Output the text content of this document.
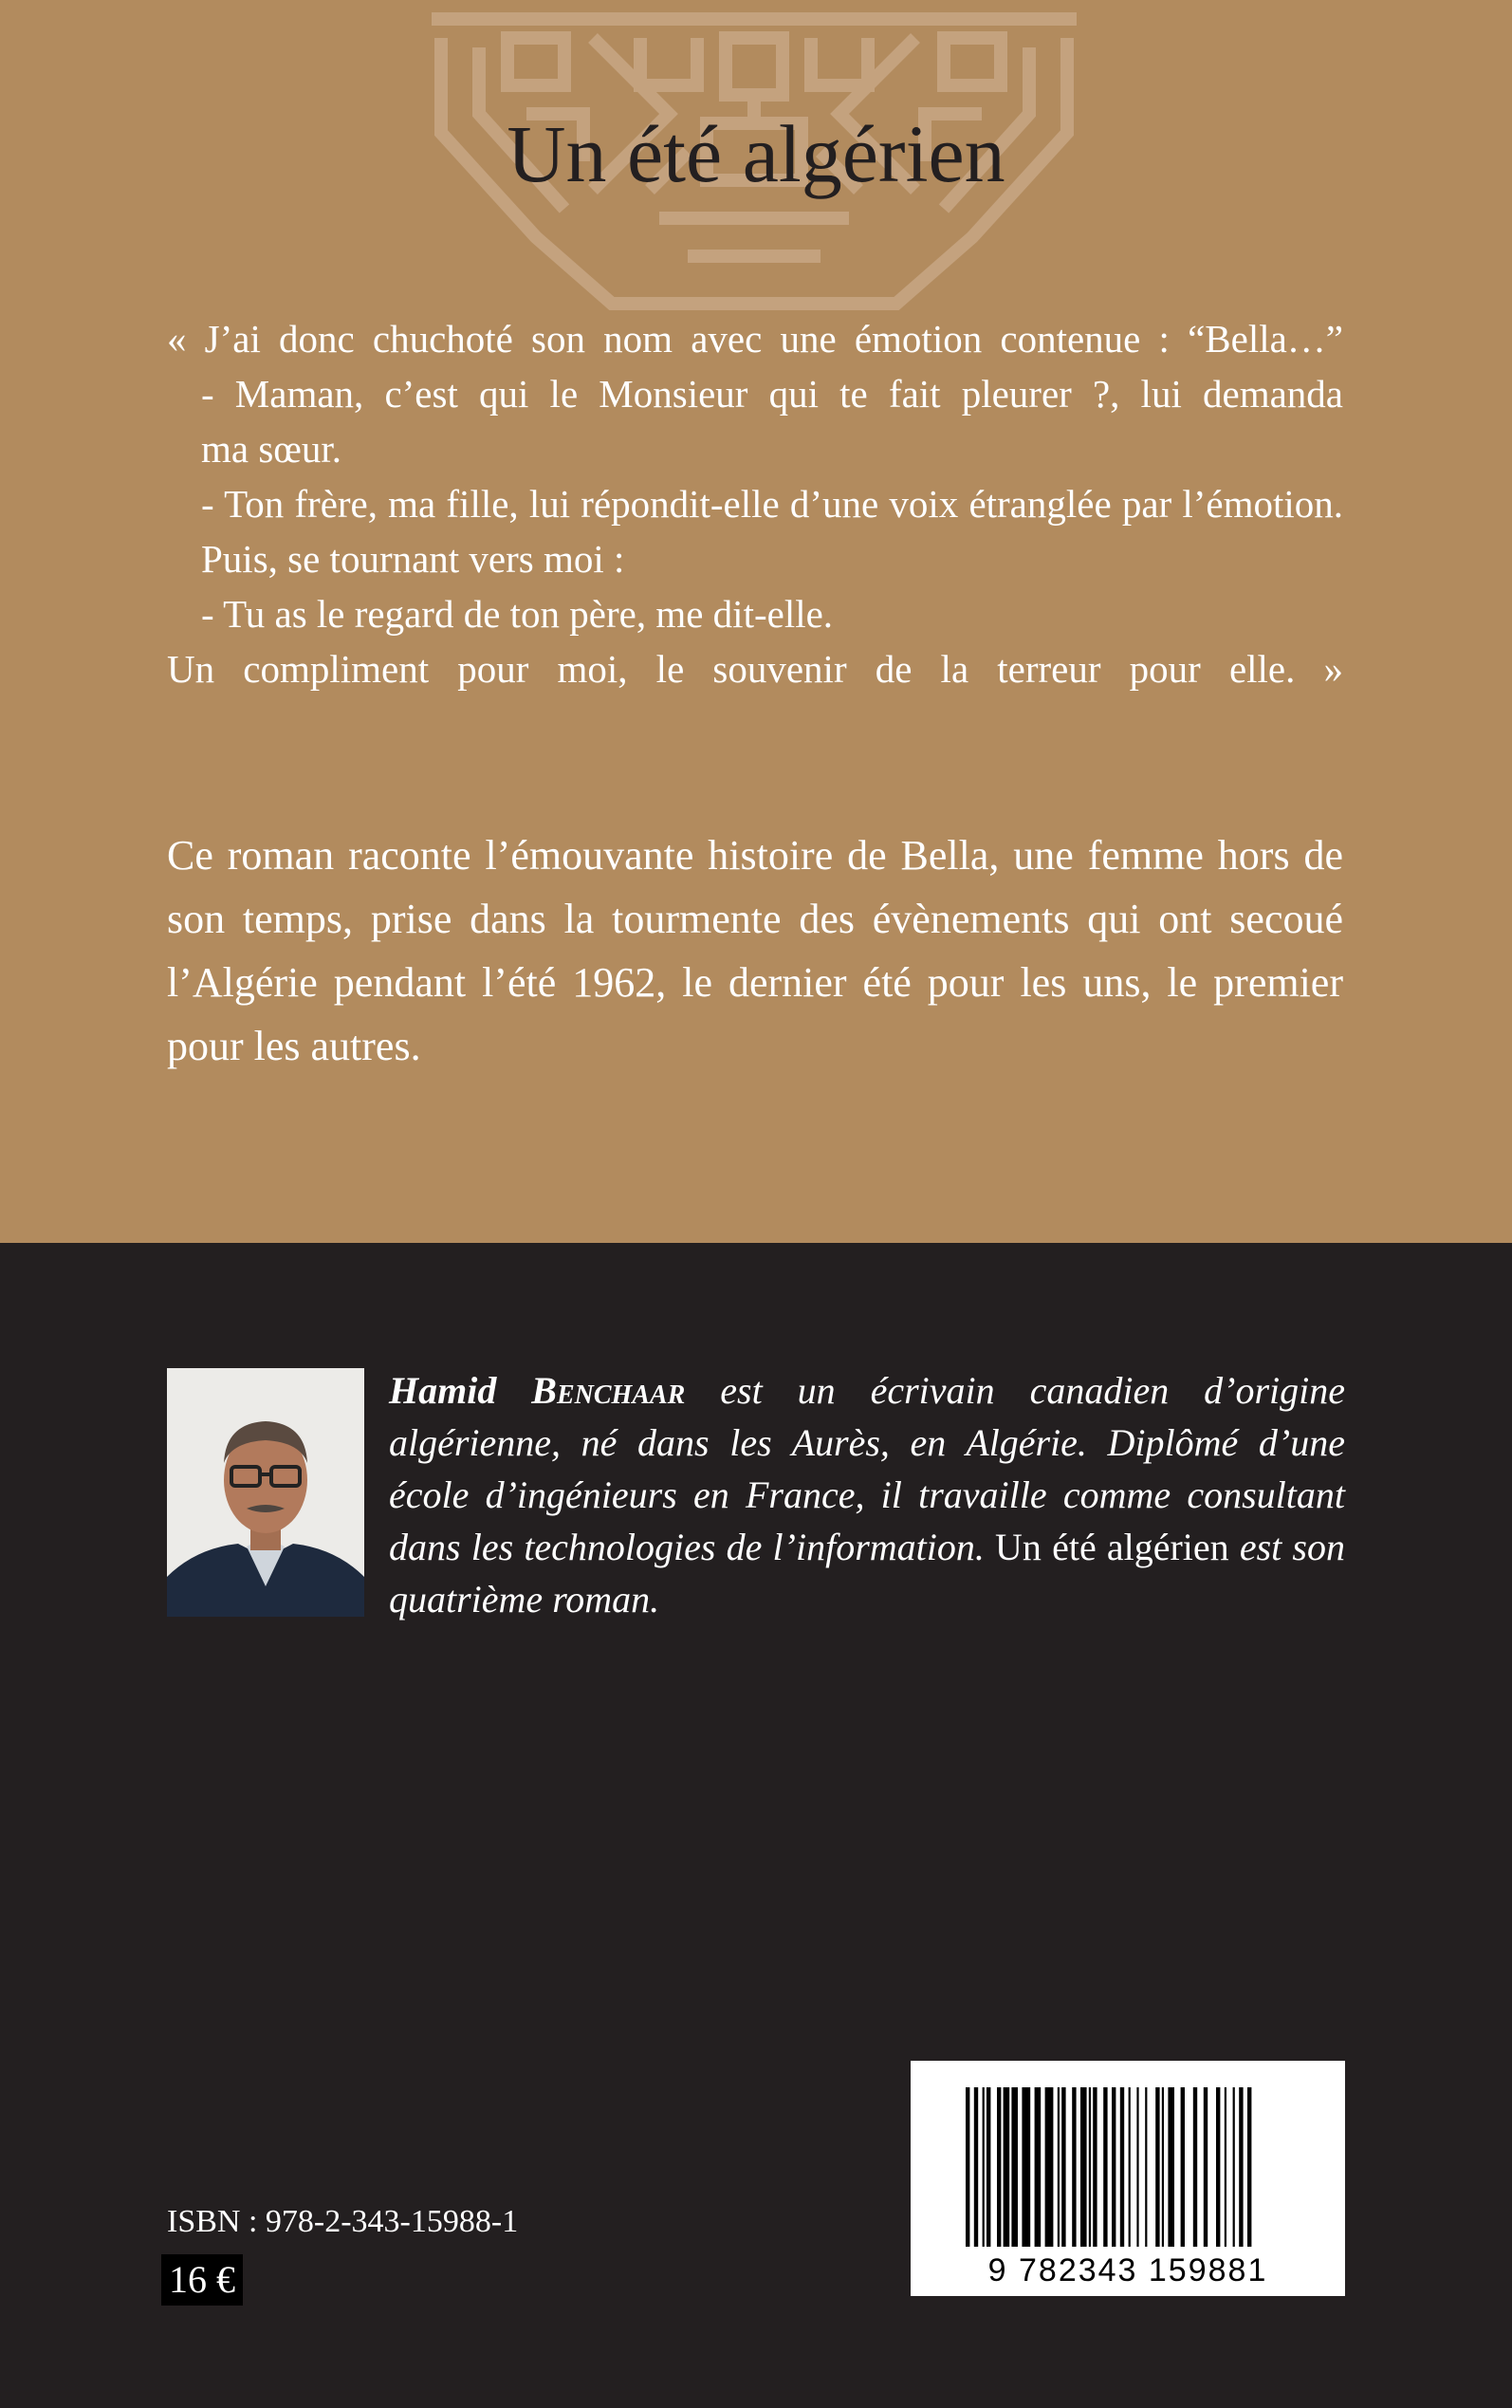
Un été algérien

« J’ai donc chuchoté son nom avec une émotion contenue : “Bella…”

- Maman, c’est qui le Monsieur qui te fait pleurer ?, lui demanda

ma sœur.

- Ton frère, ma fille, lui répondit-elle d’une voix étranglée par l’émotion.

Puis, se tournant vers moi :

- Tu as le regard de ton père, me dit-elle.

Un compliment pour moi, le souvenir de la terreur pour elle. »

Ce roman raconte l’émouvante histoire de Bella, une femme hors de son temps, prise dans la tourmente des évènements qui ont secoué l’Algérie pendant l’été 1962, le dernier été pour les uns, le premier pour les autres.
Hamid Benchaar est un écrivain canadien d’origine algérienne, né dans les Aurès, en Algérie. Diplômé d’une école d’ingénieurs en France, il travaille comme consultant dans les technologies de l’information. Un été algérien est son quatrième roman.
9 782343 159881
ISBN : 978-2-343-15988-1
16 €
